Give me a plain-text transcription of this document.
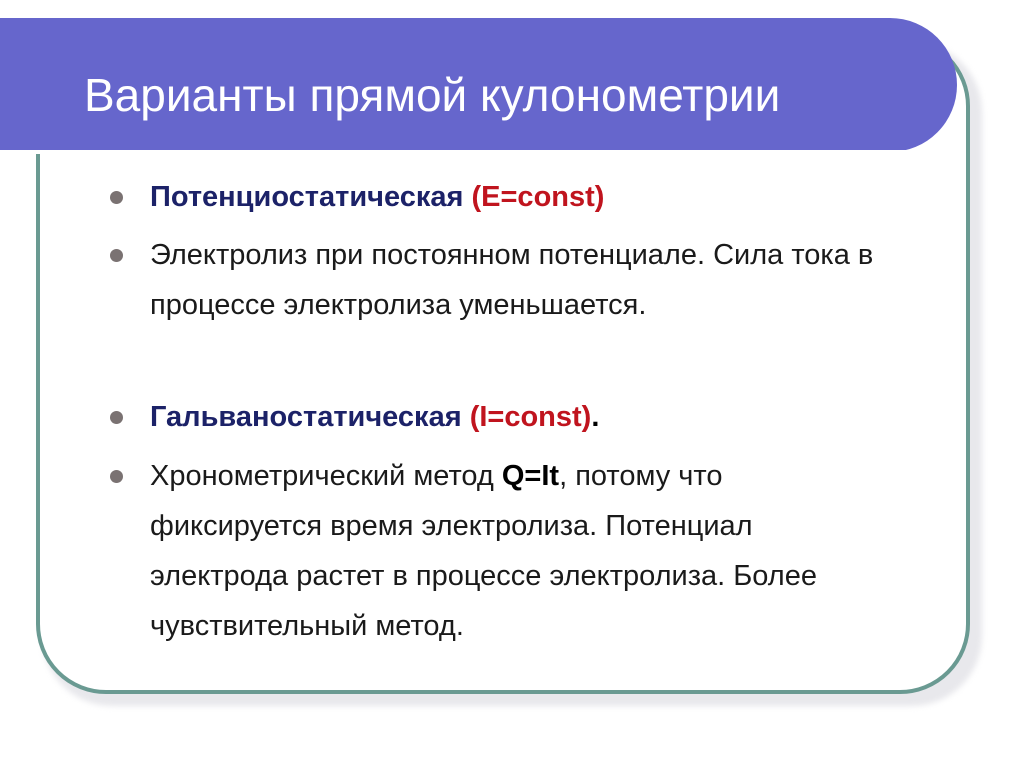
Варианты прямой кулонометрии
Потенциостатическая (E=const)
Электролиз при постоянном потенциале. Сила тока в процессе электролиза уменьшается.
Гальваностатическая (I=const).
Хронометрический метод Q=It, потому что фиксируется время электролиза. Потенциал электрода растет в процессе электролиза. Более чувствительный метод.
